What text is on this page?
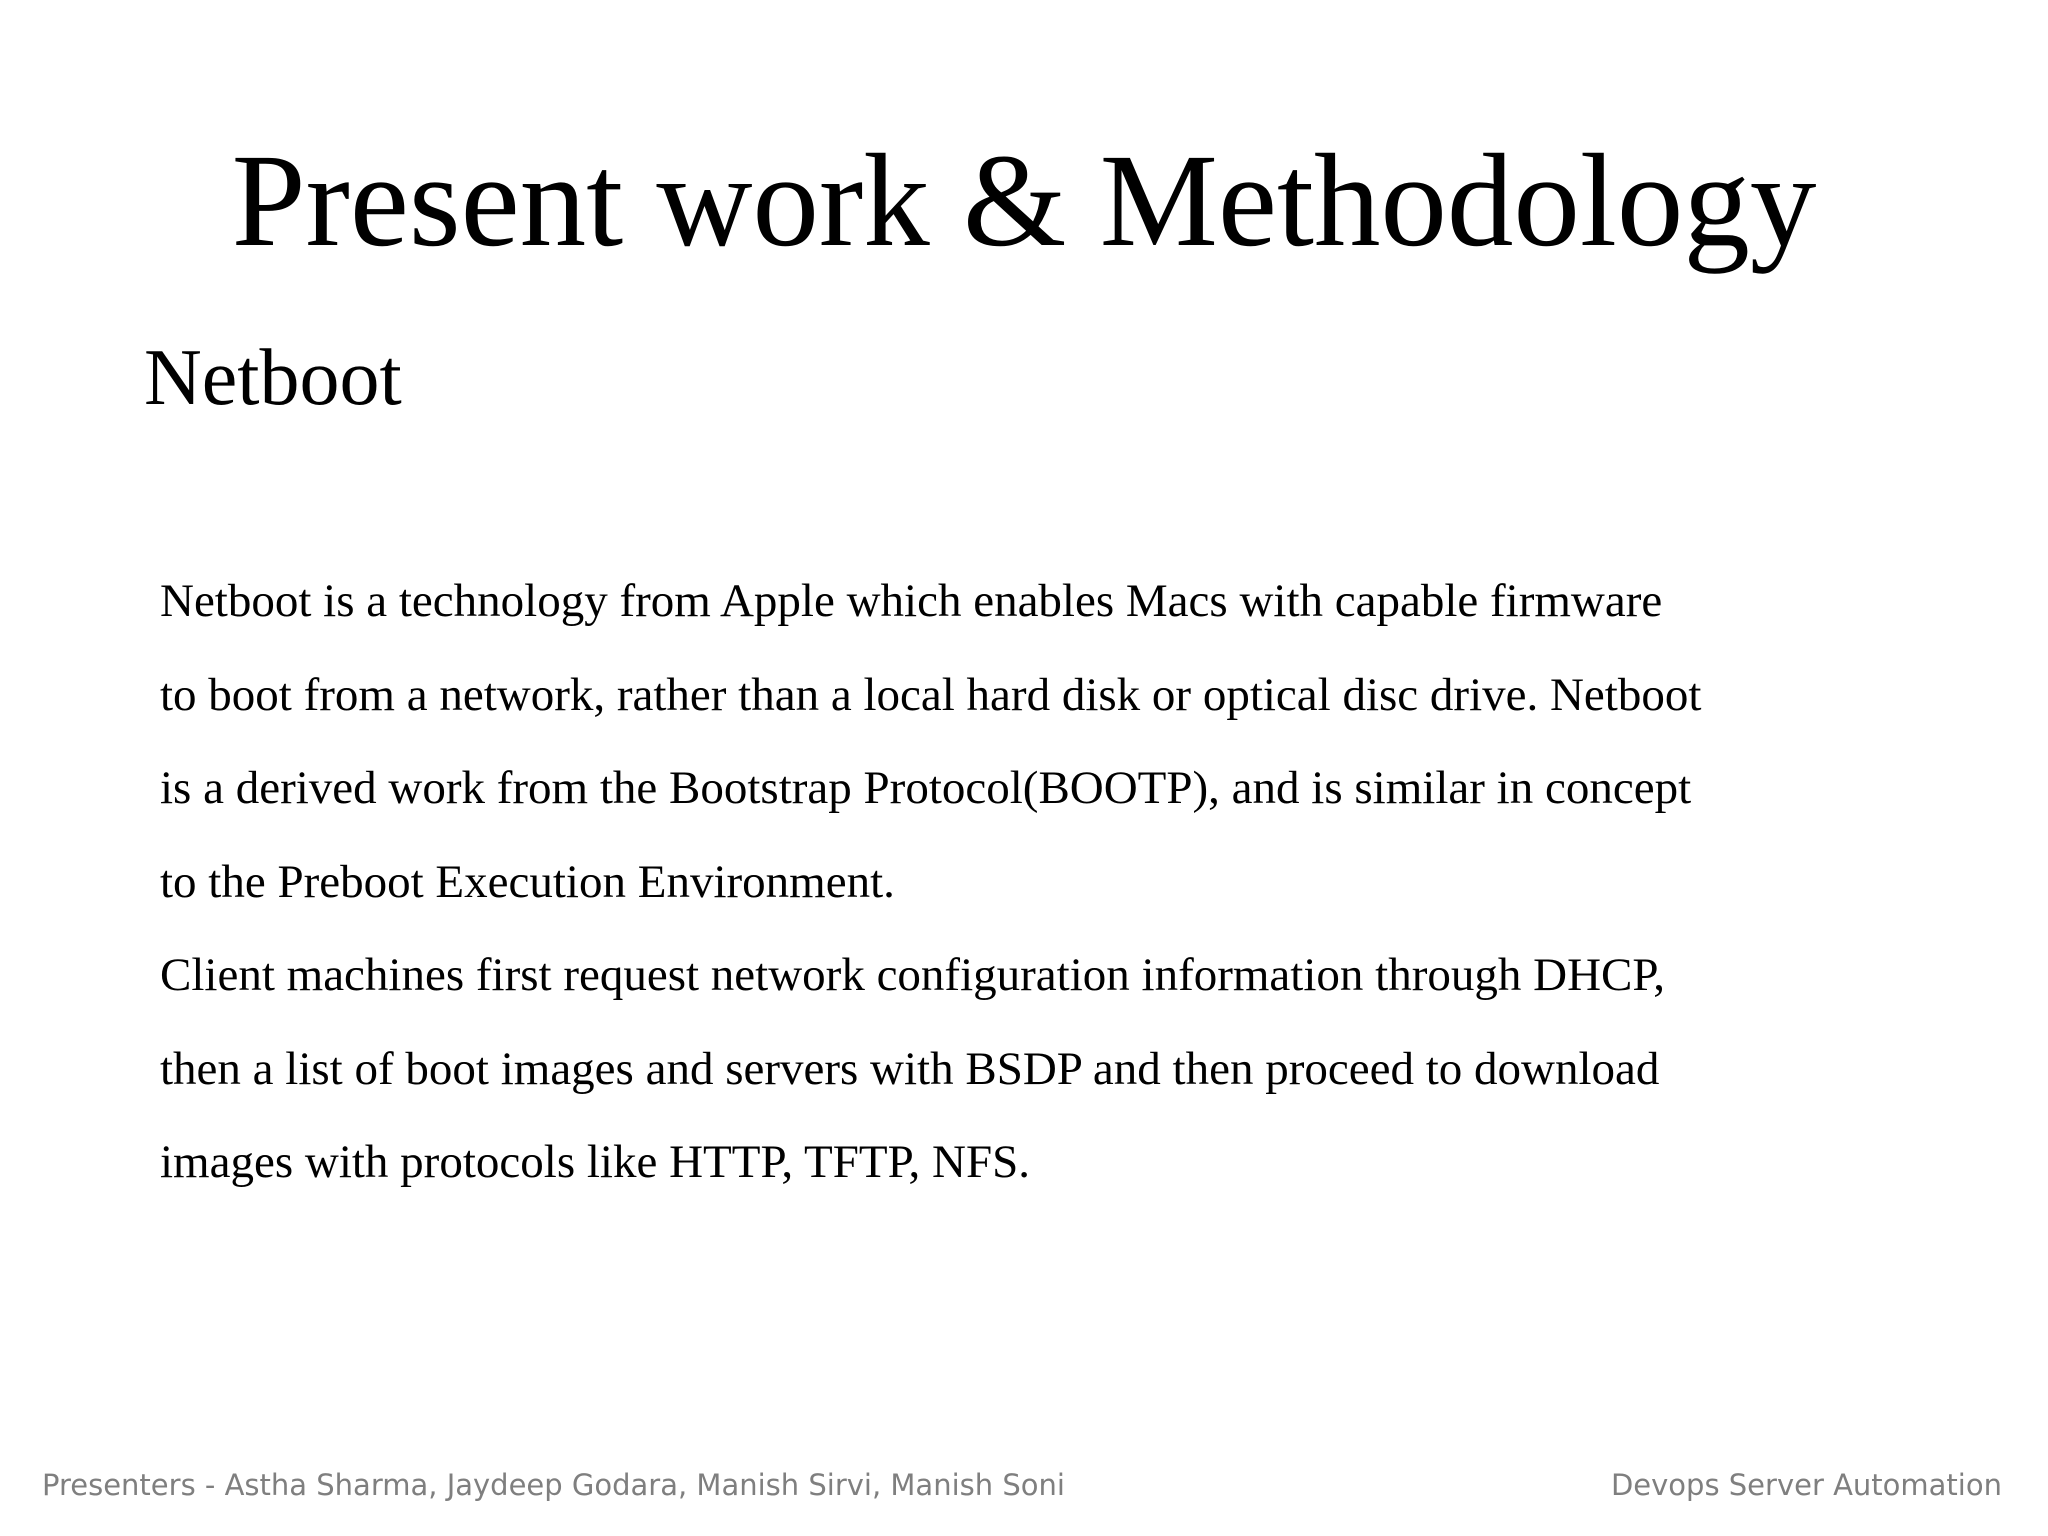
Present work & Methodology
Netboot
Netboot is a technology from Apple which enables Macs with capable firmware
to boot from a network, rather than a local hard disk or optical disc drive. Netboot
is a derived work from the Bootstrap Protocol(BOOTP), and is similar in concept
to the Preboot Execution Environment.
Client machines first request network configuration information through DHCP,
then a list of boot images and servers with BSDP and then proceed to download
images with protocols like HTTP, TFTP, NFS.
Presenters - Astha Sharma, Jaydeep Godara, Manish Sirvi, Manish Soni	Devops Server Automation
